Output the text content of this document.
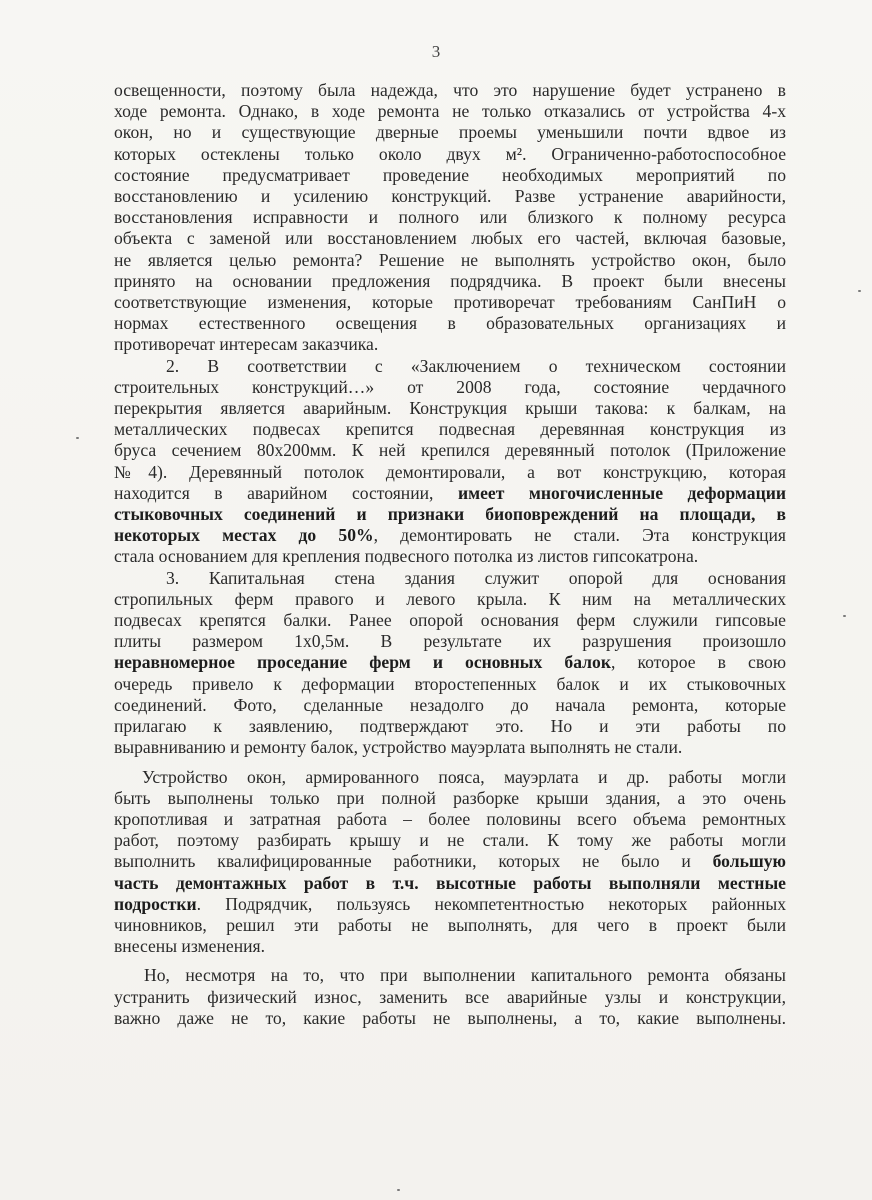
3
освещенности, поэтому была надежда, что это нарушение будет устранено в
ходе ремонта. Однако, в ходе ремонта не только отказались от устройства 4-х
окон, но и существующие дверные проемы уменьшили почти вдвое из
которых остеклены только около двух м². Ограниченно-работоспособное
состояние предусматривает проведение необходимых мероприятий по
восстановлению и усилению конструкций. Разве устранение аварийности,
восстановления исправности и полного или близкого к полному ресурса
объекта с заменой или восстановлением любых его частей, включая базовые,
не является целью ремонта? Решение не выполнять устройство окон, было
принято на основании предложения подрядчика. В проект были внесены
соответствующие изменения, которые противоречат требованиям СанПиН о
нормах естественного освещения в образовательных организациях и
противоречат интересам заказчика.
2. В соответствии с «Заключением о техническом состоянии
строительных конструкций…» от 2008 года, состояние чердачного
перекрытия является аварийным. Конструкция крыши такова: к балкам, на
металлических подвесах крепится подвесная деревянная конструкция из
бруса сечением 80х200мм. К ней крепился деревянный потолок (Приложение
№4). Деревянный потолок демонтировали, а вот конструкцию, которая
находится в аварийном состоянии, имеет многочисленные деформации
стыковочных соединений и признаки биоповреждений на площади, в
некоторых местах до 50%, демонтировать не стали. Эта конструкция
стала основанием для крепления подвесного потолка из листов гипсокатрона.
3. Капитальная стена здания служит опорой для основания
стропильных ферм правого и левого крыла. К ним на металлических
подвесах крепятся балки. Ранее опорой основания ферм служили гипсовые
плиты размером 1х0,5м. В результате их разрушения произошло
неравномерное проседание ферм и основных балок, которое в свою
очередь привело к деформации второстепенных балок и их стыковочных
соединений. Фото, сделанные незадолго до начала ремонта, которые
прилагаю к заявлению, подтверждают это. Но и эти работы по
выравниванию и ремонту балок, устройство мауэрлата выполнять не стали.
Устройство окон, армированного пояса, мауэрлата и др. работы могли
быть выполнены только при полной разборке крыши здания, а это очень
кропотливая и затратная работа – более половины всего объема ремонтных
работ, поэтому разбирать крышу и не стали. К тому же работы могли
выполнить квалифицированные работники, которых не было и большую
часть демонтажных работ в т.ч. высотные работы выполняли местные
подростки. Подрядчик, пользуясь некомпетентностью некоторых районных
чиновников, решил эти работы не выполнять, для чего в проект были
внесены изменения.
Но, несмотря на то, что при выполнении капитального ремонта обязаны
устранить физический износ, заменить все аварийные узлы и конструкции,
важно даже не то, какие работы не выполнены, а то, какие выполнены.
